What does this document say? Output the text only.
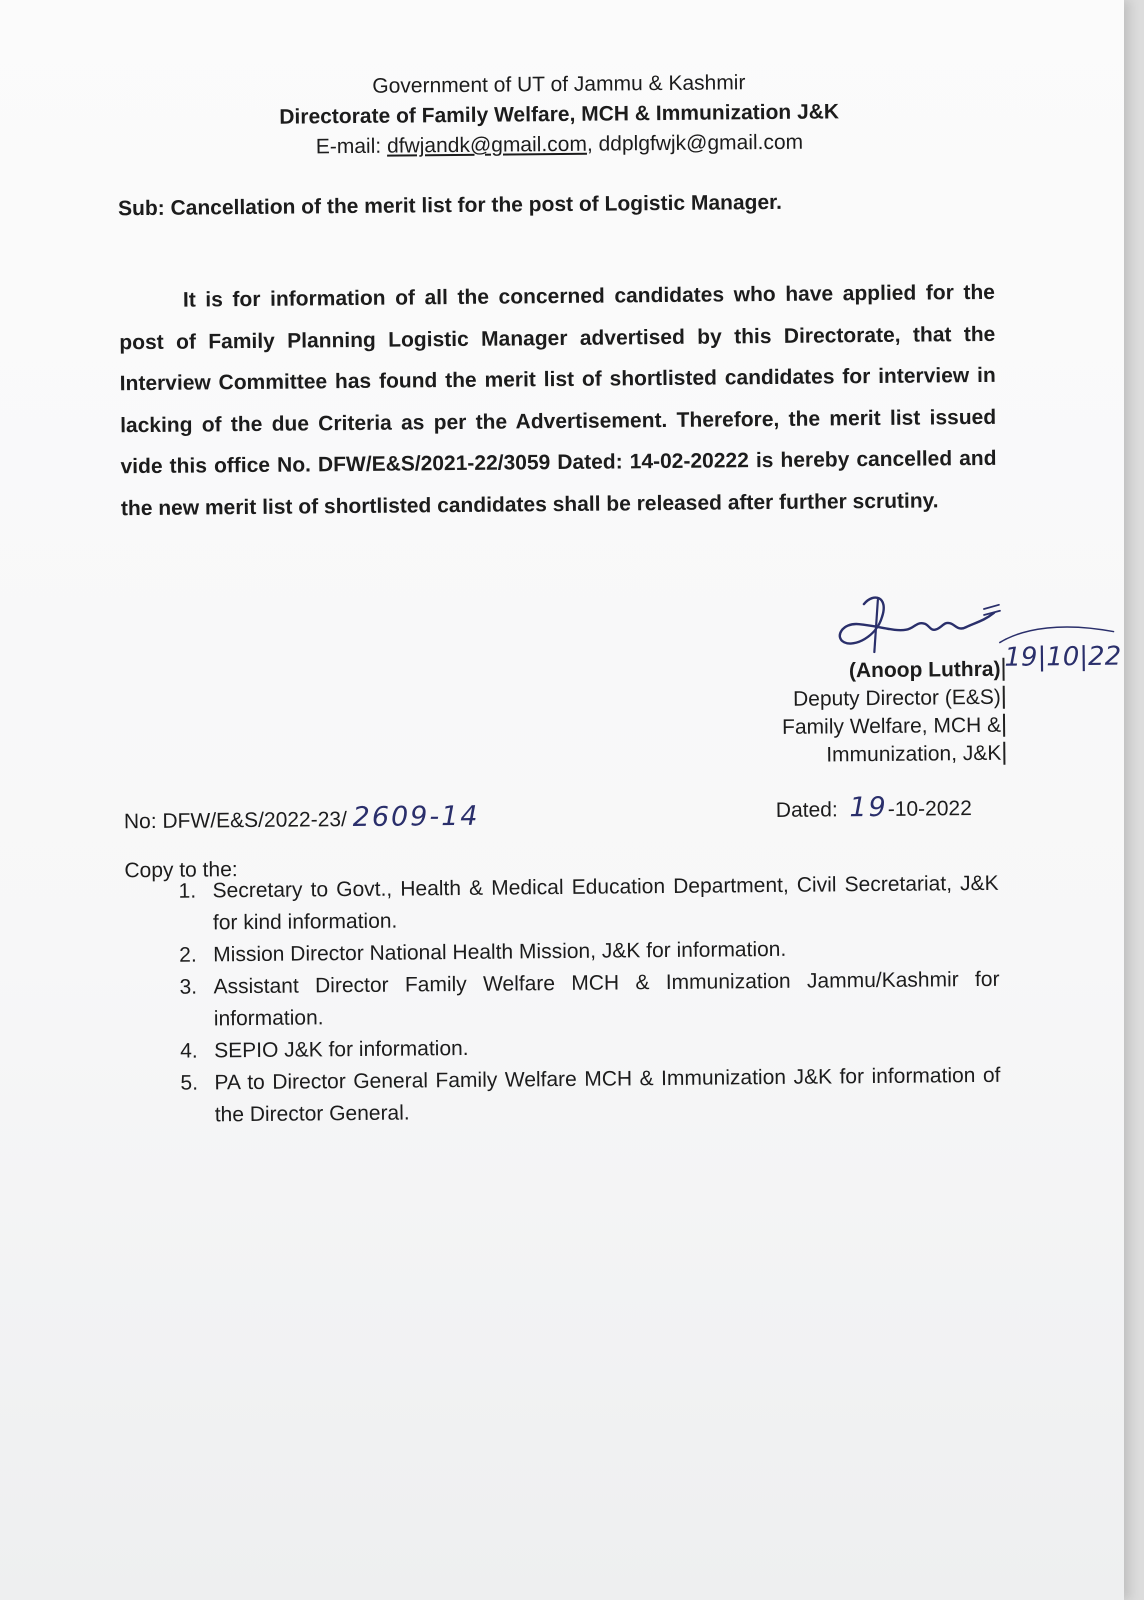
Government of UT of Jammu & Kashmir
Directorate of Family Welfare, MCH & Immunization J&K
E-mail: dfwjandk@gmail.com, ddplgfwjk@gmail.com
Sub: Cancellation of the merit list for the post of Logistic Manager.
It is for information of all the concerned candidates who have applied for the post of Family Planning Logistic Manager advertised by this Directorate, that the Interview Committee has found the merit list of shortlisted candidates for interview in lacking of the due Criteria as per the Advertisement. Therefore, the merit list issued vide this office No. DFW/E&S/2021-22/3059 Dated: 14-02-20222 is hereby cancelled and the new merit list of shortlisted candidates shall be released after further scrutiny.
19|10|22
(Anoop Luthra)
Deputy Director (E&S)
Family Welfare, MCH &
Immunization, J&K
No: DFW/E&S/2022-23/ 2609-14	Dated: 19-10-2022
Copy to the:
1. Secretary to Govt., Health & Medical Education Department, Civil Secretariat, J&K for kind information.
2. Mission Director National Health Mission, J&K for information.
3. Assistant Director Family Welfare MCH & Immunization Jammu/Kashmir for information.
4. SEPIO J&K for information.
5. PA to Director General Family Welfare MCH & Immunization J&K for information of the Director General.
